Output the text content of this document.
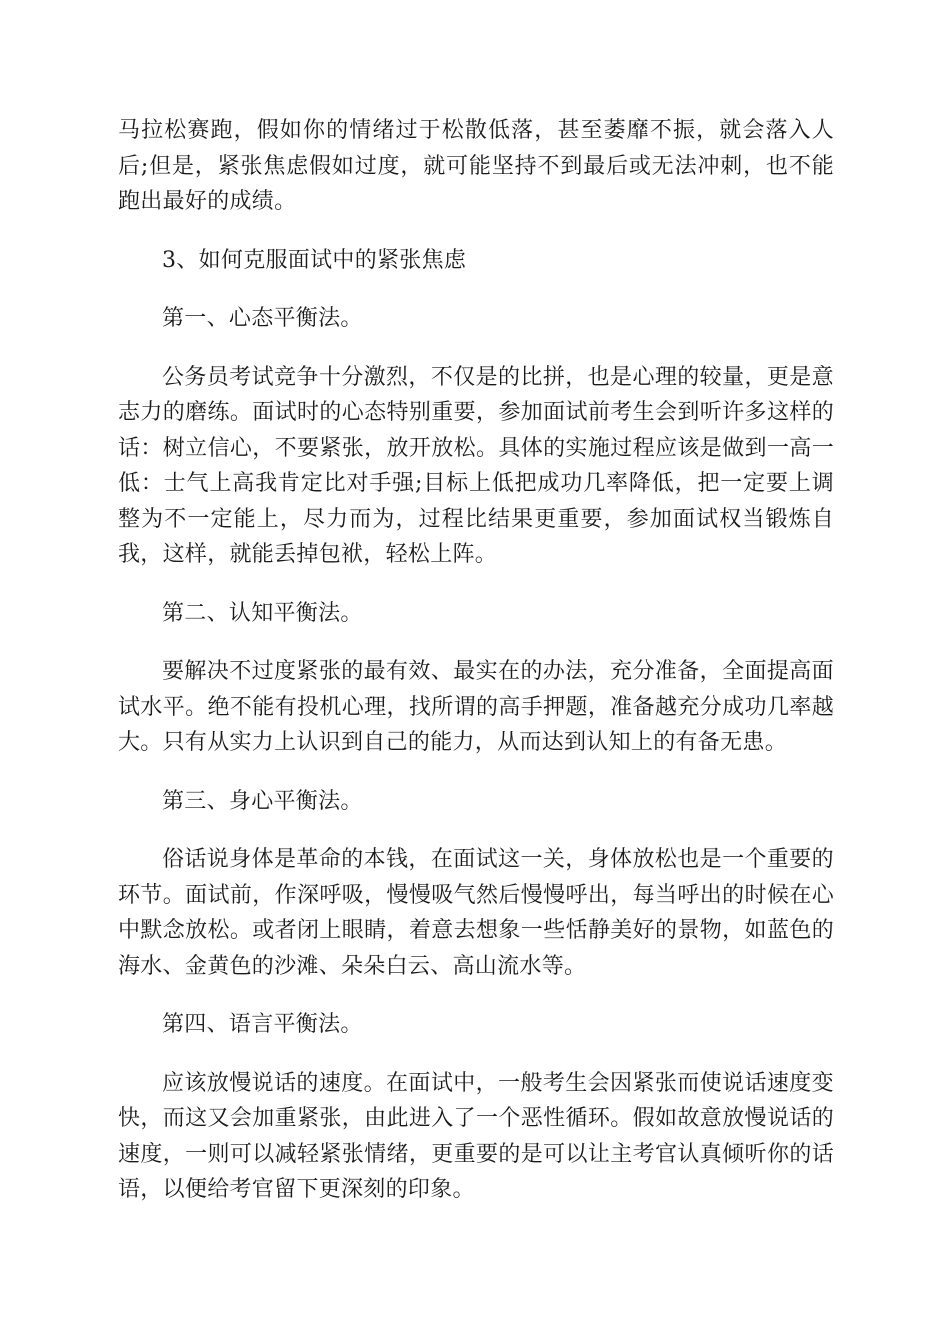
马拉松赛跑，假如你的情绪过于松散低落，甚至萎靡不振，就会落入人后;但是，紧张焦虑假如过度，就可能坚持不到最后或无法冲刺，也不能跑出最好的成绩。

3、如何克服面试中的紧张焦虑

第一、心态平衡法。

公务员考试竞争十分激烈，不仅是的比拼，也是心理的较量，更是意志力的磨练。面试时的心态特别重要，参加面试前考生会到听许多这样的话：树立信心，不要紧张，放开放松。具体的实施过程应该是做到一高一低：士气上高我肯定比对手强;目标上低把成功几率降低，把一定要上调整为不一定能上，尽力而为，过程比结果更重要，参加面试权当锻炼自我，这样，就能丢掉包袱，轻松上阵。

第二、认知平衡法。

要解决不过度紧张的最有效、最实在的办法，充分准备，全面提高面试水平。绝不能有投机心理，找所谓的高手押题，准备越充分成功几率越大。只有从实力上认识到自己的能力，从而达到认知上的有备无患。

第三、身心平衡法。

俗话说身体是革命的本钱，在面试这一关，身体放松也是一个重要的环节。面试前，作深呼吸，慢慢吸气然后慢慢呼出，每当呼出的时候在心中默念放松。或者闭上眼睛，着意去想象一些恬静美好的景物，如蓝色的海水、金黄色的沙滩、朵朵白云、高山流水等。

第四、语言平衡法。

应该放慢说话的速度。在面试中，一般考生会因紧张而使说话速度变快，而这又会加重紧张，由此进入了一个恶性循环。假如故意放慢说话的速度，一则可以减轻紧张情绪，更重要的是可以让主考官认真倾听你的话语，以便给考官留下更深刻的印象。
